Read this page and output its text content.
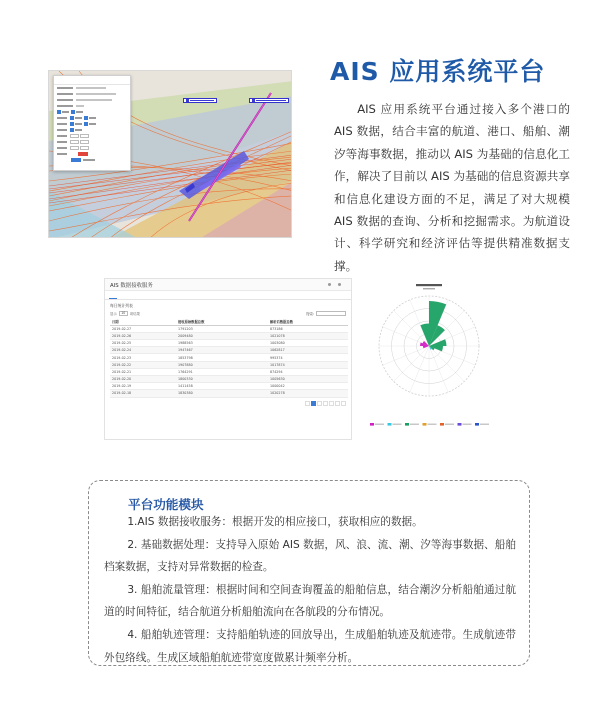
AIS 应用系统平台
AIS 应用系统平台通过接入多个港口的 AIS 数据，结合丰富的航道、港口、船舶、潮汐等海事数据，推动以 AIS 为基础的信息化工作，解决了目前以 AIS 为基础的信息资源共享和信息化建设方面的不足，满足了对大规模 AIS 数据的查询、分析和挖掘需求。为航道设计、科学研究和经济评估等提供精准数据支撑。
AIS 数据接收服务
每日统计列表
显示	10	项结果	搜索:
日期	接收原始数据总数	解析后数据总数
2019-02-27	1791203	873186
2019-02-26	2009480	1021078
2019-02-25	1988563	1003080
2019-02-24	1947467	1062817
2019-02-23	1853798	995374
2019-02-22	1907880	1017874
2019-02-21	1764291	874294
2019-02-20	1800330	1005630
2019-02-19	1411458	1000042
2019-02-18	1830380	1020278
平台功能模块

1.AIS 数据接收服务：根据开发的相应接口，获取相应的数据。

2. 基础数据处理：支持导入原始 AIS 数据，风、浪、流、潮、汐等海事数据、船舶档案数据，支持对异常数据的检查。

3. 船舶流量管理：根据时间和空间查询覆盖的船舶信息，结合潮汐分析船舶通过航道的时间特征，结合航道分析船舶流向在各航段的分布情况。

4. 船舶轨迹管理：支持船舶轨迹的回放导出，生成船舶轨迹及航迹带。生成航迹带外包络线。生成区域船舶航迹带宽度做累计频率分析。
